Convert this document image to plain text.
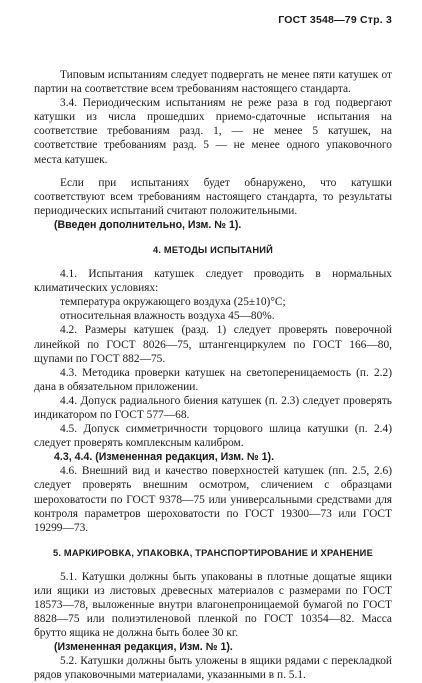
ГОСТ 3548—79 Стр. 3

Типовым испытаниям следует подвергать не менее пяти катушек от партии на соответствие всем требованиям настоящего стандарта.

3.4. Периодическим испытаниям не реже раза в год подвергают катушки из числа прошедших приемо-сдаточные испытания на соответствие требованиям разд. 1, — не менее 5 катушек, на соответствие требованиям разд. 5 — не менее одного упаковочного места катушек.

Если при испытаниях будет обнаружено, что катушки соответствуют всем требованиям настоящего стандарта, то результаты периодических испытаний считают положительными.

(Введен дополнительно, Изм. № 1).

4. МЕТОДЫ ИСПЫТАНИЙ

4.1. Испытания катушек следует проводить в нормальных климатических условиях:

температура окружающего воздуха (25±10)°С;

относительная влажность воздуха 45—80%.

4.2. Размеры катушек (разд. 1) следует проверять поверочной линейкой по ГОСТ 8026—75, штангенциркулем по ГОСТ 166—80, щупами по ГОСТ 882—75.

4.3. Методика проверки катушек на светопереницаемость (п. 2.2) дана в обязательном приложении.

4.4. Допуск радиального биения катушек (п. 2.3) следует проверять индикатором по ГОСТ 577—68.

4.5. Допуск симметричности торцового шлица катушки (п. 2.4) следует проверять комплексным калибром.

4.3, 4.4. (Измененная редакция, Изм. № 1).

4.6. Внешний вид и качество поверхностей катушек (пп. 2.5, 2.6) следует проверять внешним осмотром, сличением с образцами шероховатости по ГОСТ 9378—75 или универсальными средствами для контроля параметров шероховатости по ГОСТ 19300—73 или ГОСТ 19299—73.

5. МАРКИРОВКА, УПАКОВКА, ТРАНСПОРТИРОВАНИЕ И ХРАНЕНИЕ

5.1. Катушки должны быть упакованы в плотные дощатые ящики или ящики из листовых древесных материалов с размерами по ГОСТ 18573—78, выложенные внутри влагонепроницаемой бумагой по ГОСТ 8828—75 или полиэтиленовой пленкой по ГОСТ 10354—82. Масса брутто ящика не должна быть более 30 кг.

(Измененная редакция, Изм. № 1).

5.2. Катушки должны быть уложены в ящики рядами с перекладкой рядов упаковочными материалами, указанными в п. 5.1.
